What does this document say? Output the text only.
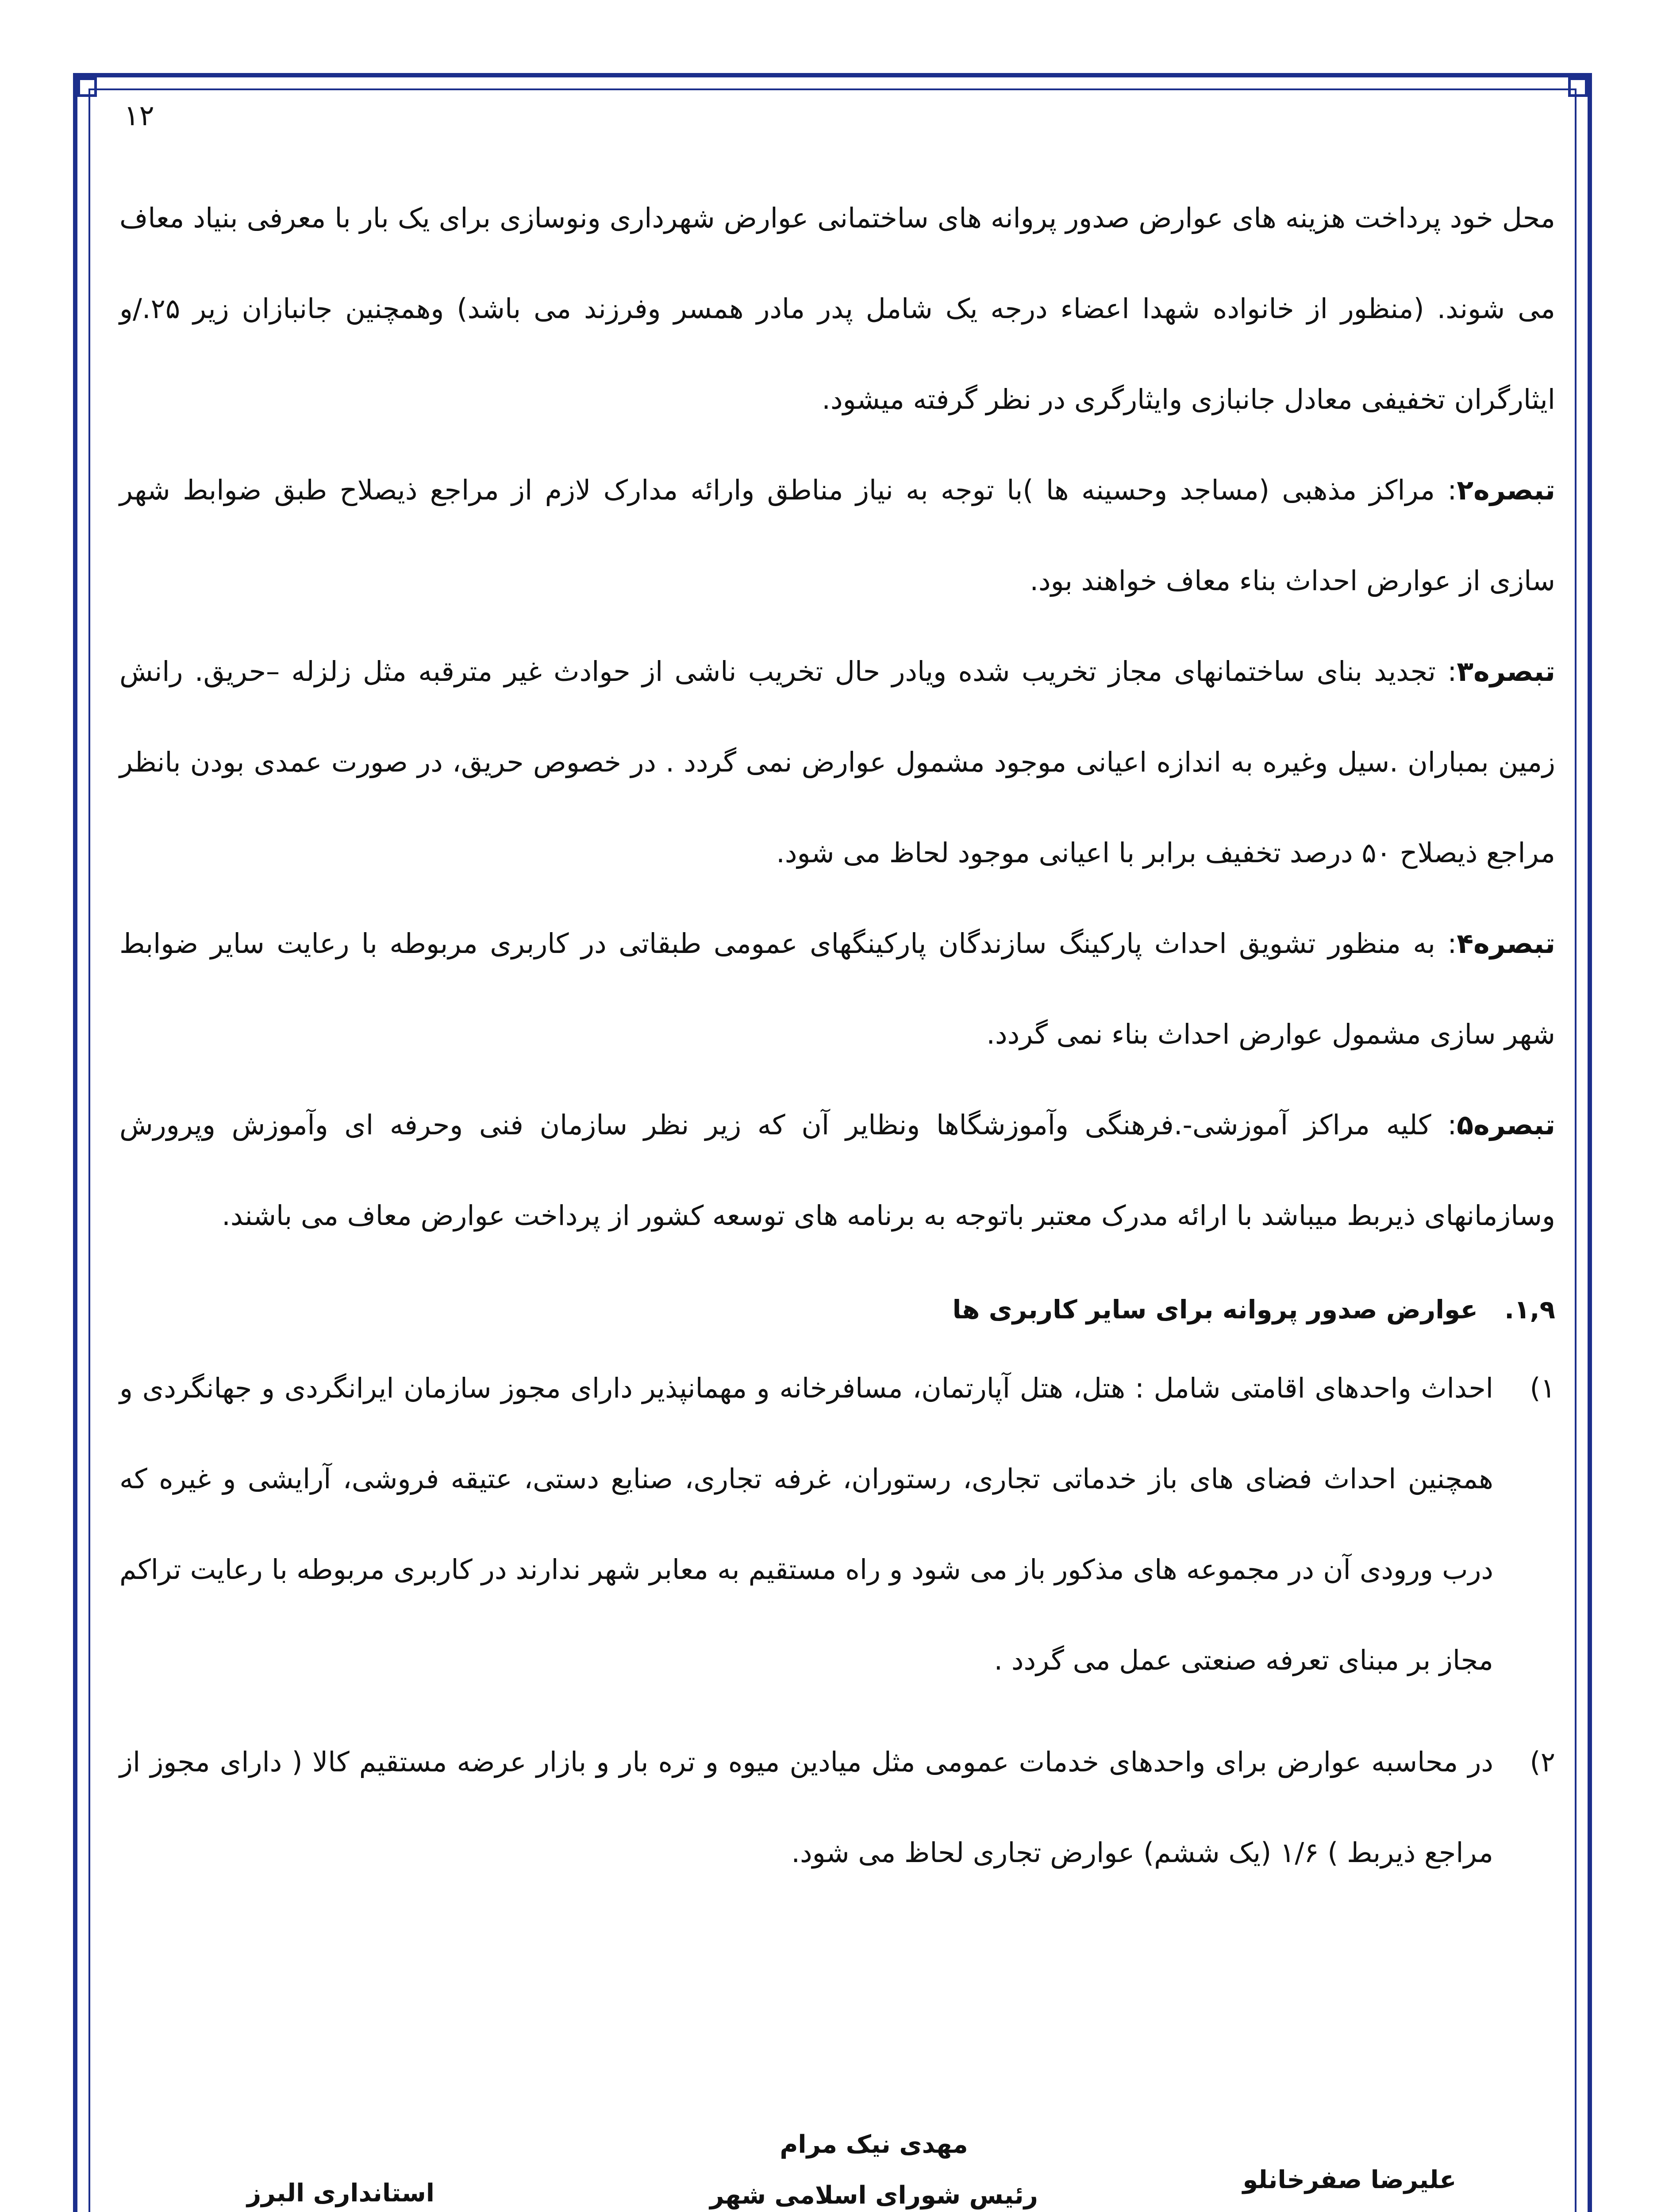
۱۲

محل خود پرداخت هزینه های عوارض صدور پروانه های ساختمانی عوارض شهرداری ونوسازی برای یک بار با معرفی بنیاد معاف می شوند. (منظور از خانواده شهدا اعضاء درجه یک شامل پدر مادر همسر وفرزند می باشد) وهمچنین جانبازان زیر ۲۵./و ایثارگران تخفیفی معادل جانبازی وایثارگری در نظر گرفته میشود.

تبصره۲: مراکز مذهبی (مساجد وحسینه ها )با توجه به نیاز مناطق وارائه مدارک لازم از مراجع ذیصلاح طبق ضوابط شهر سازی از عوارض احداث بناء معاف خواهند بود.

تبصره۳: تجدید بنای ساختمانهای مجاز تخریب شده ویادر حال تخریب ناشی از حوادث غیر مترقبه مثل زلزله –حریق. رانش زمین بمباران .سیل وغیره به اندازه اعیانی موجود مشمول عوارض نمی گردد . در خصوص حریق، در صورت عمدی بودن بانظر مراجع ذیصلاح ۵۰ درصد تخفیف برابر با اعیانی موجود لحاظ می شود.

تبصره۴: به منظور تشویق احداث پارکینگ سازندگان پارکینگهای عمومی طبقاتی در کاربری مربوطه با رعایت سایر ضوابط شهر سازی مشمول عوارض احداث بناء نمی گردد.

تبصره۵: کلیه مراکز آموزشی-.فرهنگی وآموزشگاها ونظایر آن که زیر نظر سازمان فنی وحرفه ای وآموزش وپرورش وسازمانهای ذیربط میباشد با ارائه مدرک معتبر باتوجه به برنامه های توسعه کشور از پرداخت عوارض معاف می باشند.

۱,۹.
عوارض صدور پروانه برای سایر کاربری ها

۱)
احداث واحدهای اقامتی شامل : هتل، هتل آپارتمان، مسافرخانه و مهمانپذیر دارای مجوز سازمان ایرانگردی و جهانگردی و همچنین احداث فضای های باز خدماتی تجاری، رستوران، غرفه تجاری، صنایع دستی، عتیقه فروشی، آرایشی و غیره که درب ورودی آن در مجموعه های مذکور باز می شود و راه مستقیم به معابر شهر ندارند در کاربری مربوطه با رعایت تراکم مجاز بر مبنای تعرفه صنعتی عمل می گردد .

۲)
در محاسبه عوارض برای واحدهای خدمات عمومی مثل میادین میوه و تره بار و بازار عرضه مستقیم کالا ( دارای مجوز از مراجع ذیربط ) ۱/۶ (یک ششم) عوارض تجاری لحاظ می شود.

علیرضا صفرخانلو
مهدی نیک مرام
رئیس شورای اسلامی شهر
استانداری البرز
